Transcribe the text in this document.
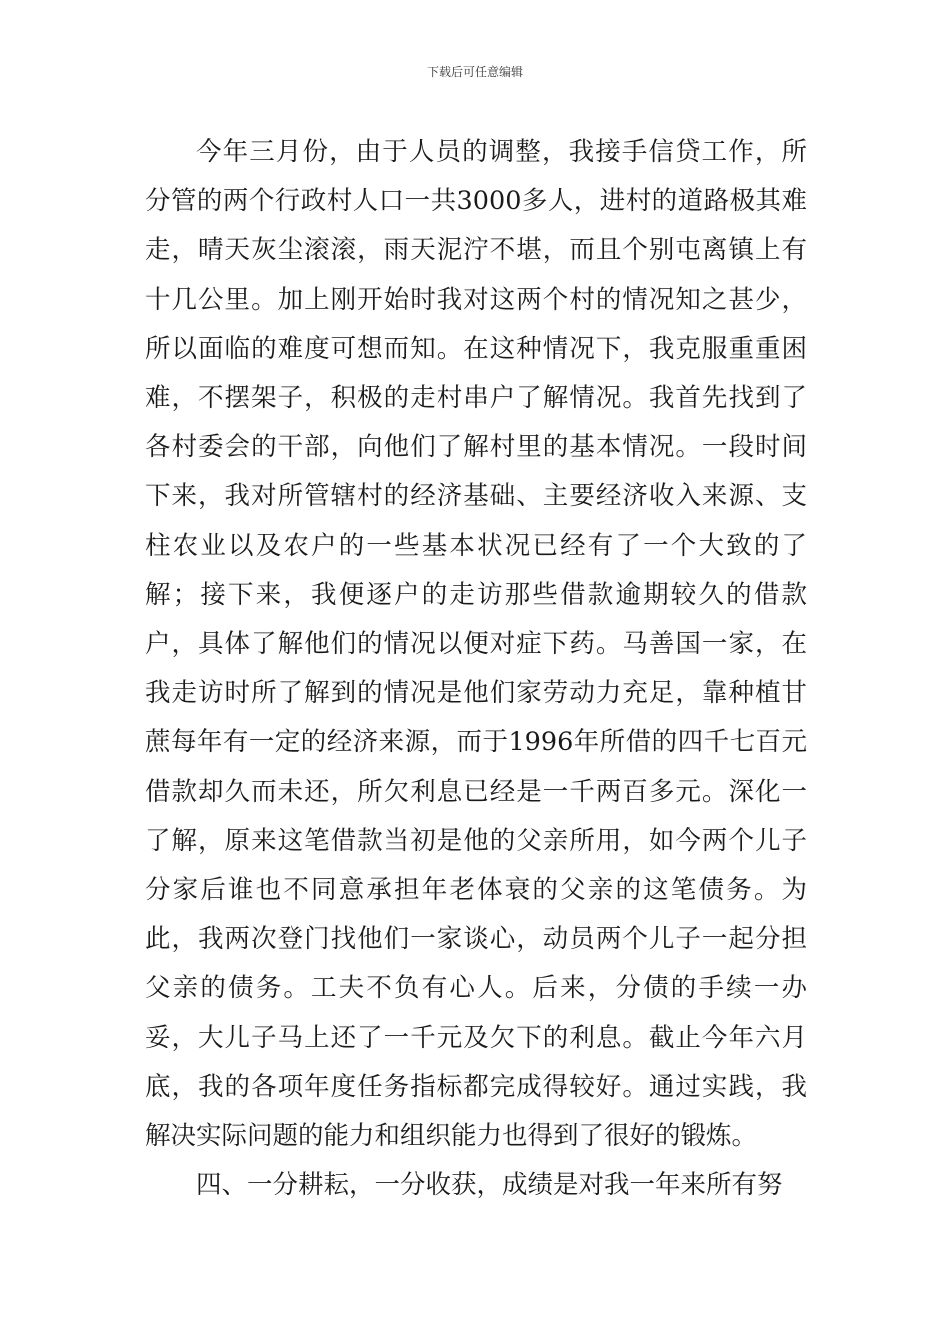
下载后可任意编辑

今年三月份，由于人员的调整，我接手信贷工作，所分管的两个行政村人口一共3000多人，进村的道路极其难走，晴天灰尘滚滚，雨天泥泞不堪，而且个别屯离镇上有十几公里。加上刚开始时我对这两个村的情况知之甚少，所以面临的难度可想而知。在这种情况下，我克服重重困难，不摆架子，积极的走村串户了解情况。我首先找到了各村委会的干部，向他们了解村里的基本情况。一段时间下来，我对所管辖村的经济基础、主要经济收入来源、支柱农业以及农户的一些基本状况已经有了一个大致的了解；接下来，我便逐户的走访那些借款逾期较久的借款户，具体了解他们的情况以便对症下药。马善国一家，在我走访时所了解到的情况是他们家劳动力充足，靠种植甘蔗每年有一定的经济来源，而于1996年所借的四千七百元借款却久而未还，所欠利息已经是一千两百多元。深化一了解，原来这笔借款当初是他的父亲所用，如今两个儿子分家后谁也不同意承担年老体衰的父亲的这笔债务。为此，我两次登门找他们一家谈心，动员两个儿子一起分担父亲的债务。工夫不负有心人。后来，分债的手续一办妥，大儿子马上还了一千元及欠下的利息。截止今年六月底，我的各项年度任务指标都完成得较好。通过实践，我解决实际问题的能力和组织能力也得到了很好的锻炼。

四、一分耕耘，一分收获，成绩是对我一年来所有努
